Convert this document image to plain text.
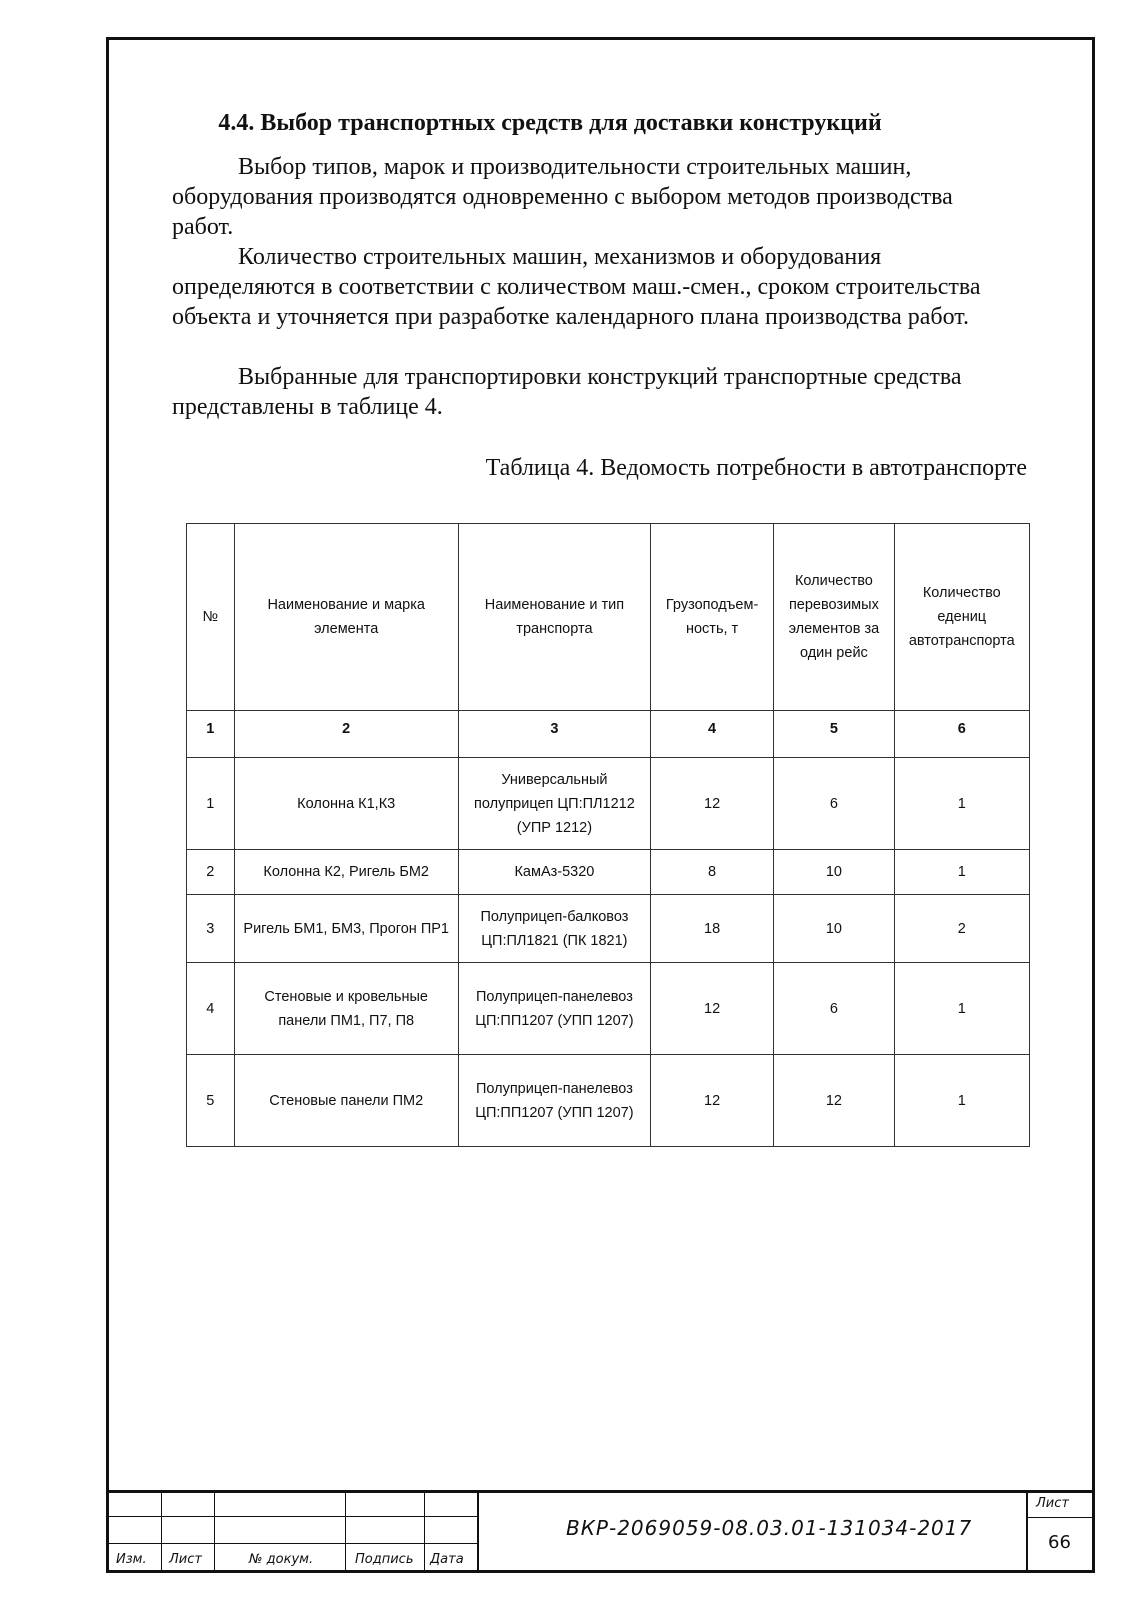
4.4. Выбор транспортных средств для доставки конструкций

Выбор типов, марок и производительности строительных машин, оборудования производятся одновременно с выбором методов производства работ.

Количество строительных машин, механизмов и оборудования определяются в соответствии с количеством маш.-смен., сроком строительства объекта и уточняется при разработке календарного плана производства работ.

Выбранные для транспортировки конструкций транспортные средства представлены в таблице 4.

Таблица 4. Ведомость потребности в автотранспорте
№	Наименование и марка элемента	Наименование и тип транспорта	Грузоподъем-ность, т	Количество перевозимых элементов за один рейс	Количество едениц автотранспорта
1	2	3	4	5	6
1	Колонна К1,К3	Универсальный полуприцеп ЦП:ПЛ1212 (УПР 1212)	12	6	1
2	Колонна К2, Ригель БМ2	КамАз-5320	8	10	1
3	Ригель БМ1, БМ3, Прогон ПР1	Полуприцеп-балковоз ЦП:ПЛ1821 (ПК 1821)	18	10	2
4	Стеновые и кровельные панели ПМ1, П7, П8	Полуприцеп-панелевоз ЦП:ПП1207 (УПП 1207)	12	6	1
5	Стеновые панели ПМ2	Полуприцеп-панелевоз ЦП:ПП1207 (УПП 1207)	12	12	1
Изм. Лист	№ докум.	Подпись Дата
ВКР-2069059-08.03.01-131034-2017
Лист
66
